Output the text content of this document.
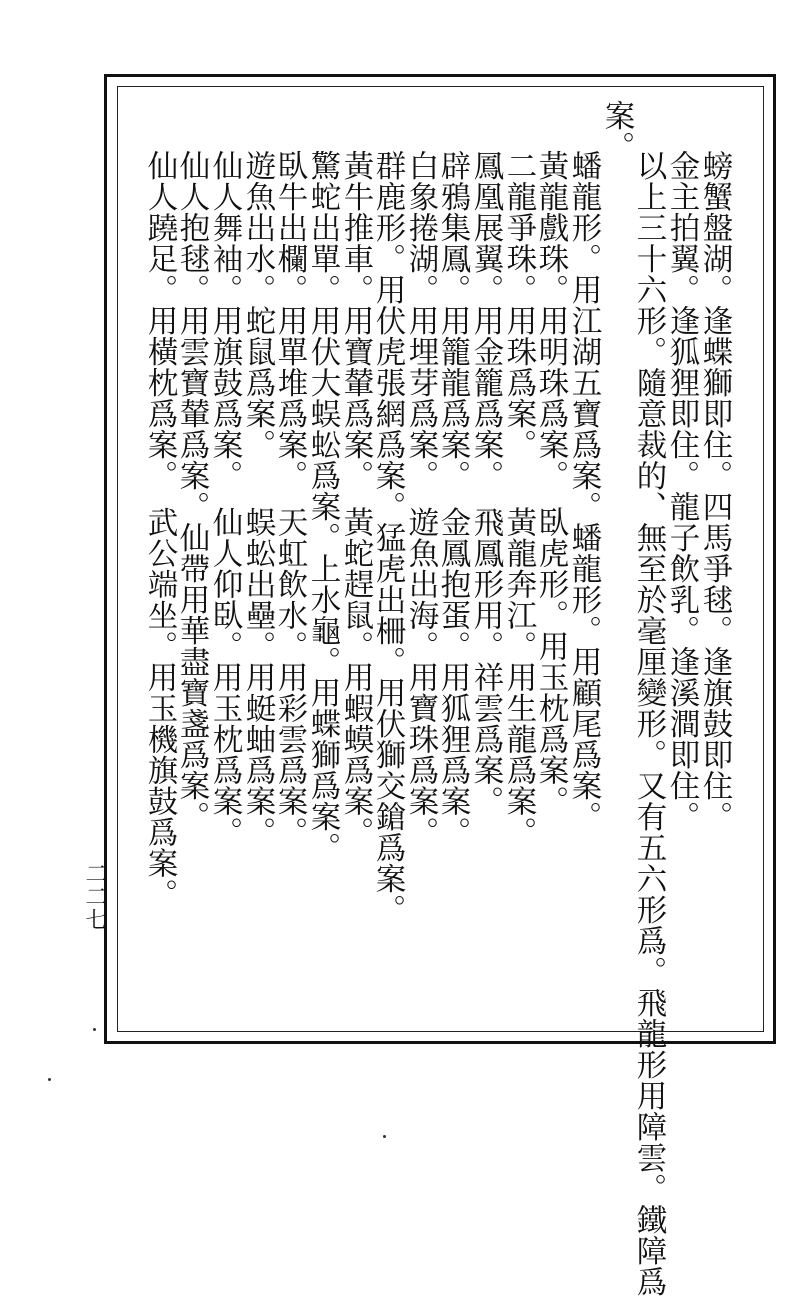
螃蟹盤湖。逢蝶獅即住。四馬爭毬。逢旗鼓即住。
金主拍翼。逢狐狸即住。龍子飲乳。逢溪澗即住。
以上三十六形。隨意裁的、無至於毫厘變形。又有五六形爲。飛龍形用障雲。鐵障爲
案。
蟠龍形。用江湖五寶爲案。蟠龍形。用顧尾爲案。
黃龍戲珠。用明珠爲案。　臥虎形。用玉枕爲案。
二龍爭珠。用珠爲案。　　黃龍奔江。用生龍爲案。
鳳凰展翼。用金籠爲案。　飛鳳形用。祥雲爲案。
辟鴉集鳳。用籠龍爲案。　金鳳抱蛋。用狐狸爲案。
白象捲湖。用埋芽爲案。　遊魚出海。用寶珠爲案。
群鹿形。用伏虎張網爲案。猛虎出柵。用伏獅交鎗爲案。
黃牛推車。用寶輦爲案。　黃蛇趕鼠。用蝦蟆爲案。
驚蛇出單。用伏大蜈蚣爲案。上水龜。用蝶獅爲案。
臥牛出欄。用單堆爲案。　天虹飲水。用彩雲爲案。
遊魚出水。蛇鼠爲案。　　蜈蚣出壘。用蜓蚰爲案。
仙人舞袖。用旗鼓爲案。　仙人仰臥。用玉枕爲案。
仙人抱毬。用雲寶輦爲案。仙帶用華盡寶盞爲案。
仙人蹺足。用橫枕爲案。　武公端坐。用玉機旗鼓爲案。
二二七
